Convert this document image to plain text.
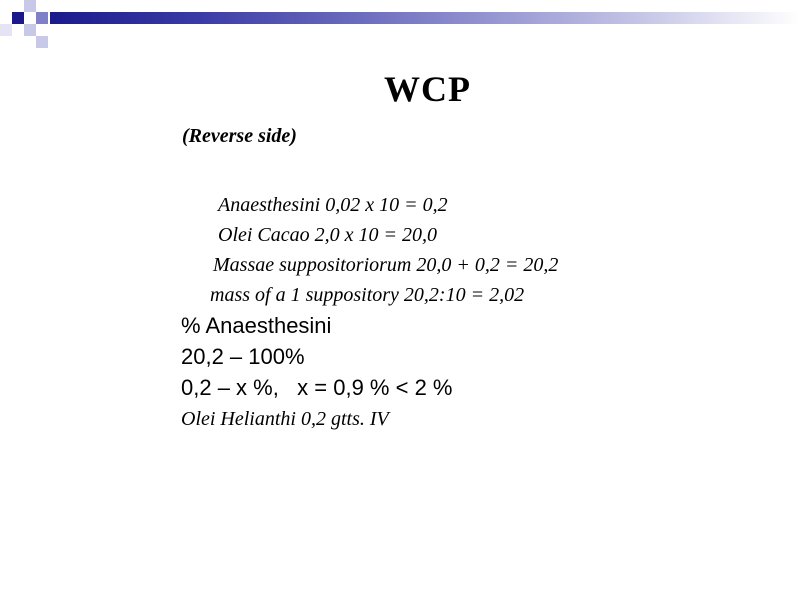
WCP
(Reverse side)
Anaesthesini 0,02 x 10 = 0,2
Olei Cacao 2,0 x 10 = 20,0
Massae suppositoriorum 20,0 + 0,2 = 20,2
mass of a 1 suppository 20,2:10 = 2,02
% Anaesthesini
20,2 – 100%
0,2 – x %,   x = 0,9 % < 2 %
Olei Helianthi 0,2 gtts. IV
